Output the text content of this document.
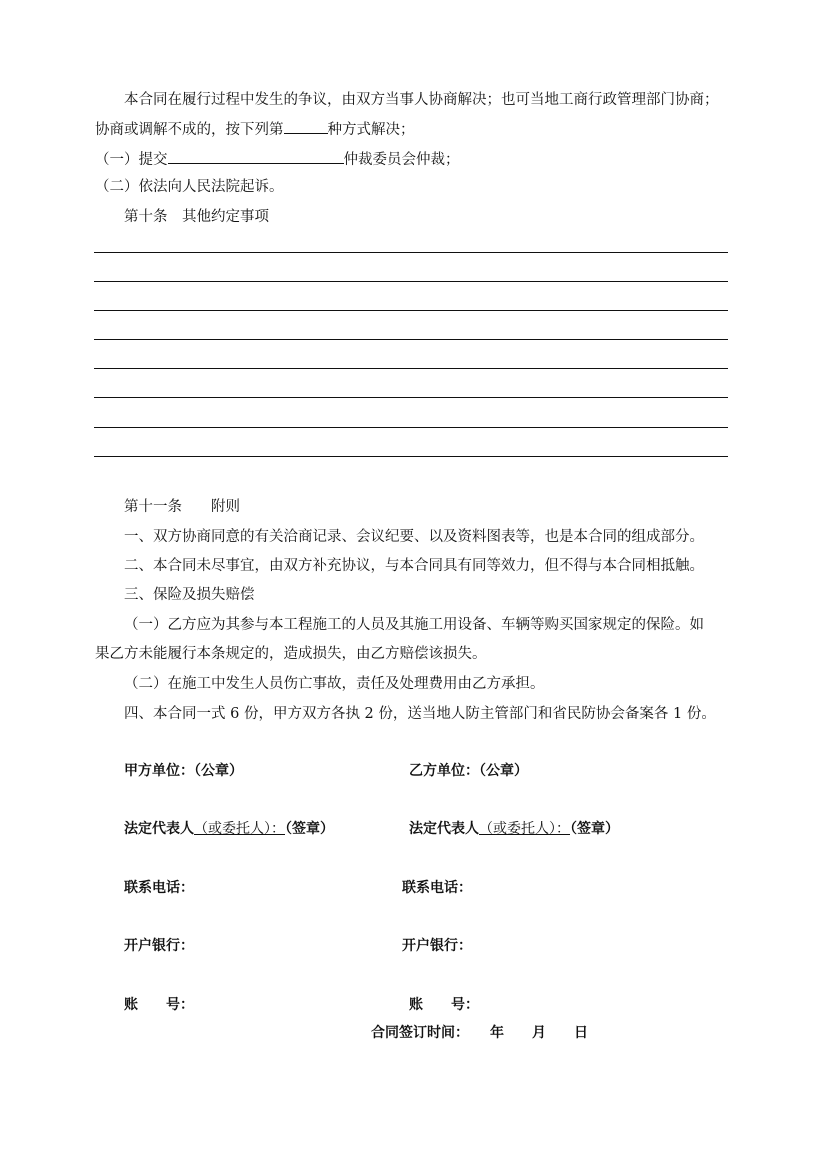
本合同在履行过程中发生的争议，由双方当事人协商解决；也可当地工商行政管理部门协商；
协商或调解不成的，按下列第	种方式解决；
（一）提交	仲裁委员会仲裁；
（二）依法向人民法院起诉。
第十条　其他约定事项
第十一条　　附则
一、双方协商同意的有关洽商记录、会议纪要、以及资料图表等，也是本合同的组成部分。
二、本合同未尽事宜，由双方补充协议，与本合同具有同等效力，但不得与本合同相抵触。
三、保险及损失赔偿
（一）乙方应为其参与本工程施工的人员及其施工用设备、车辆等购买国家规定的保险。如
果乙方未能履行本条规定的，造成损失，由乙方赔偿该损失。
（二）在施工中发生人员伤亡事故，责任及处理费用由乙方承担。
四、本合同一式 6 份，甲方双方各执 2 份，送当地人防主管部门和省民防协会备案各 1 份。
甲方单位：（公章）	乙方单位：（公章）
法定代表人（或委托人）：（签章）	法定代表人（或委托人）：（签章）
联系电话：	联系电话：
开户银行：	开户银行：
账　　号：	账　　号：
合同签订时间：　　年　　月　　日
